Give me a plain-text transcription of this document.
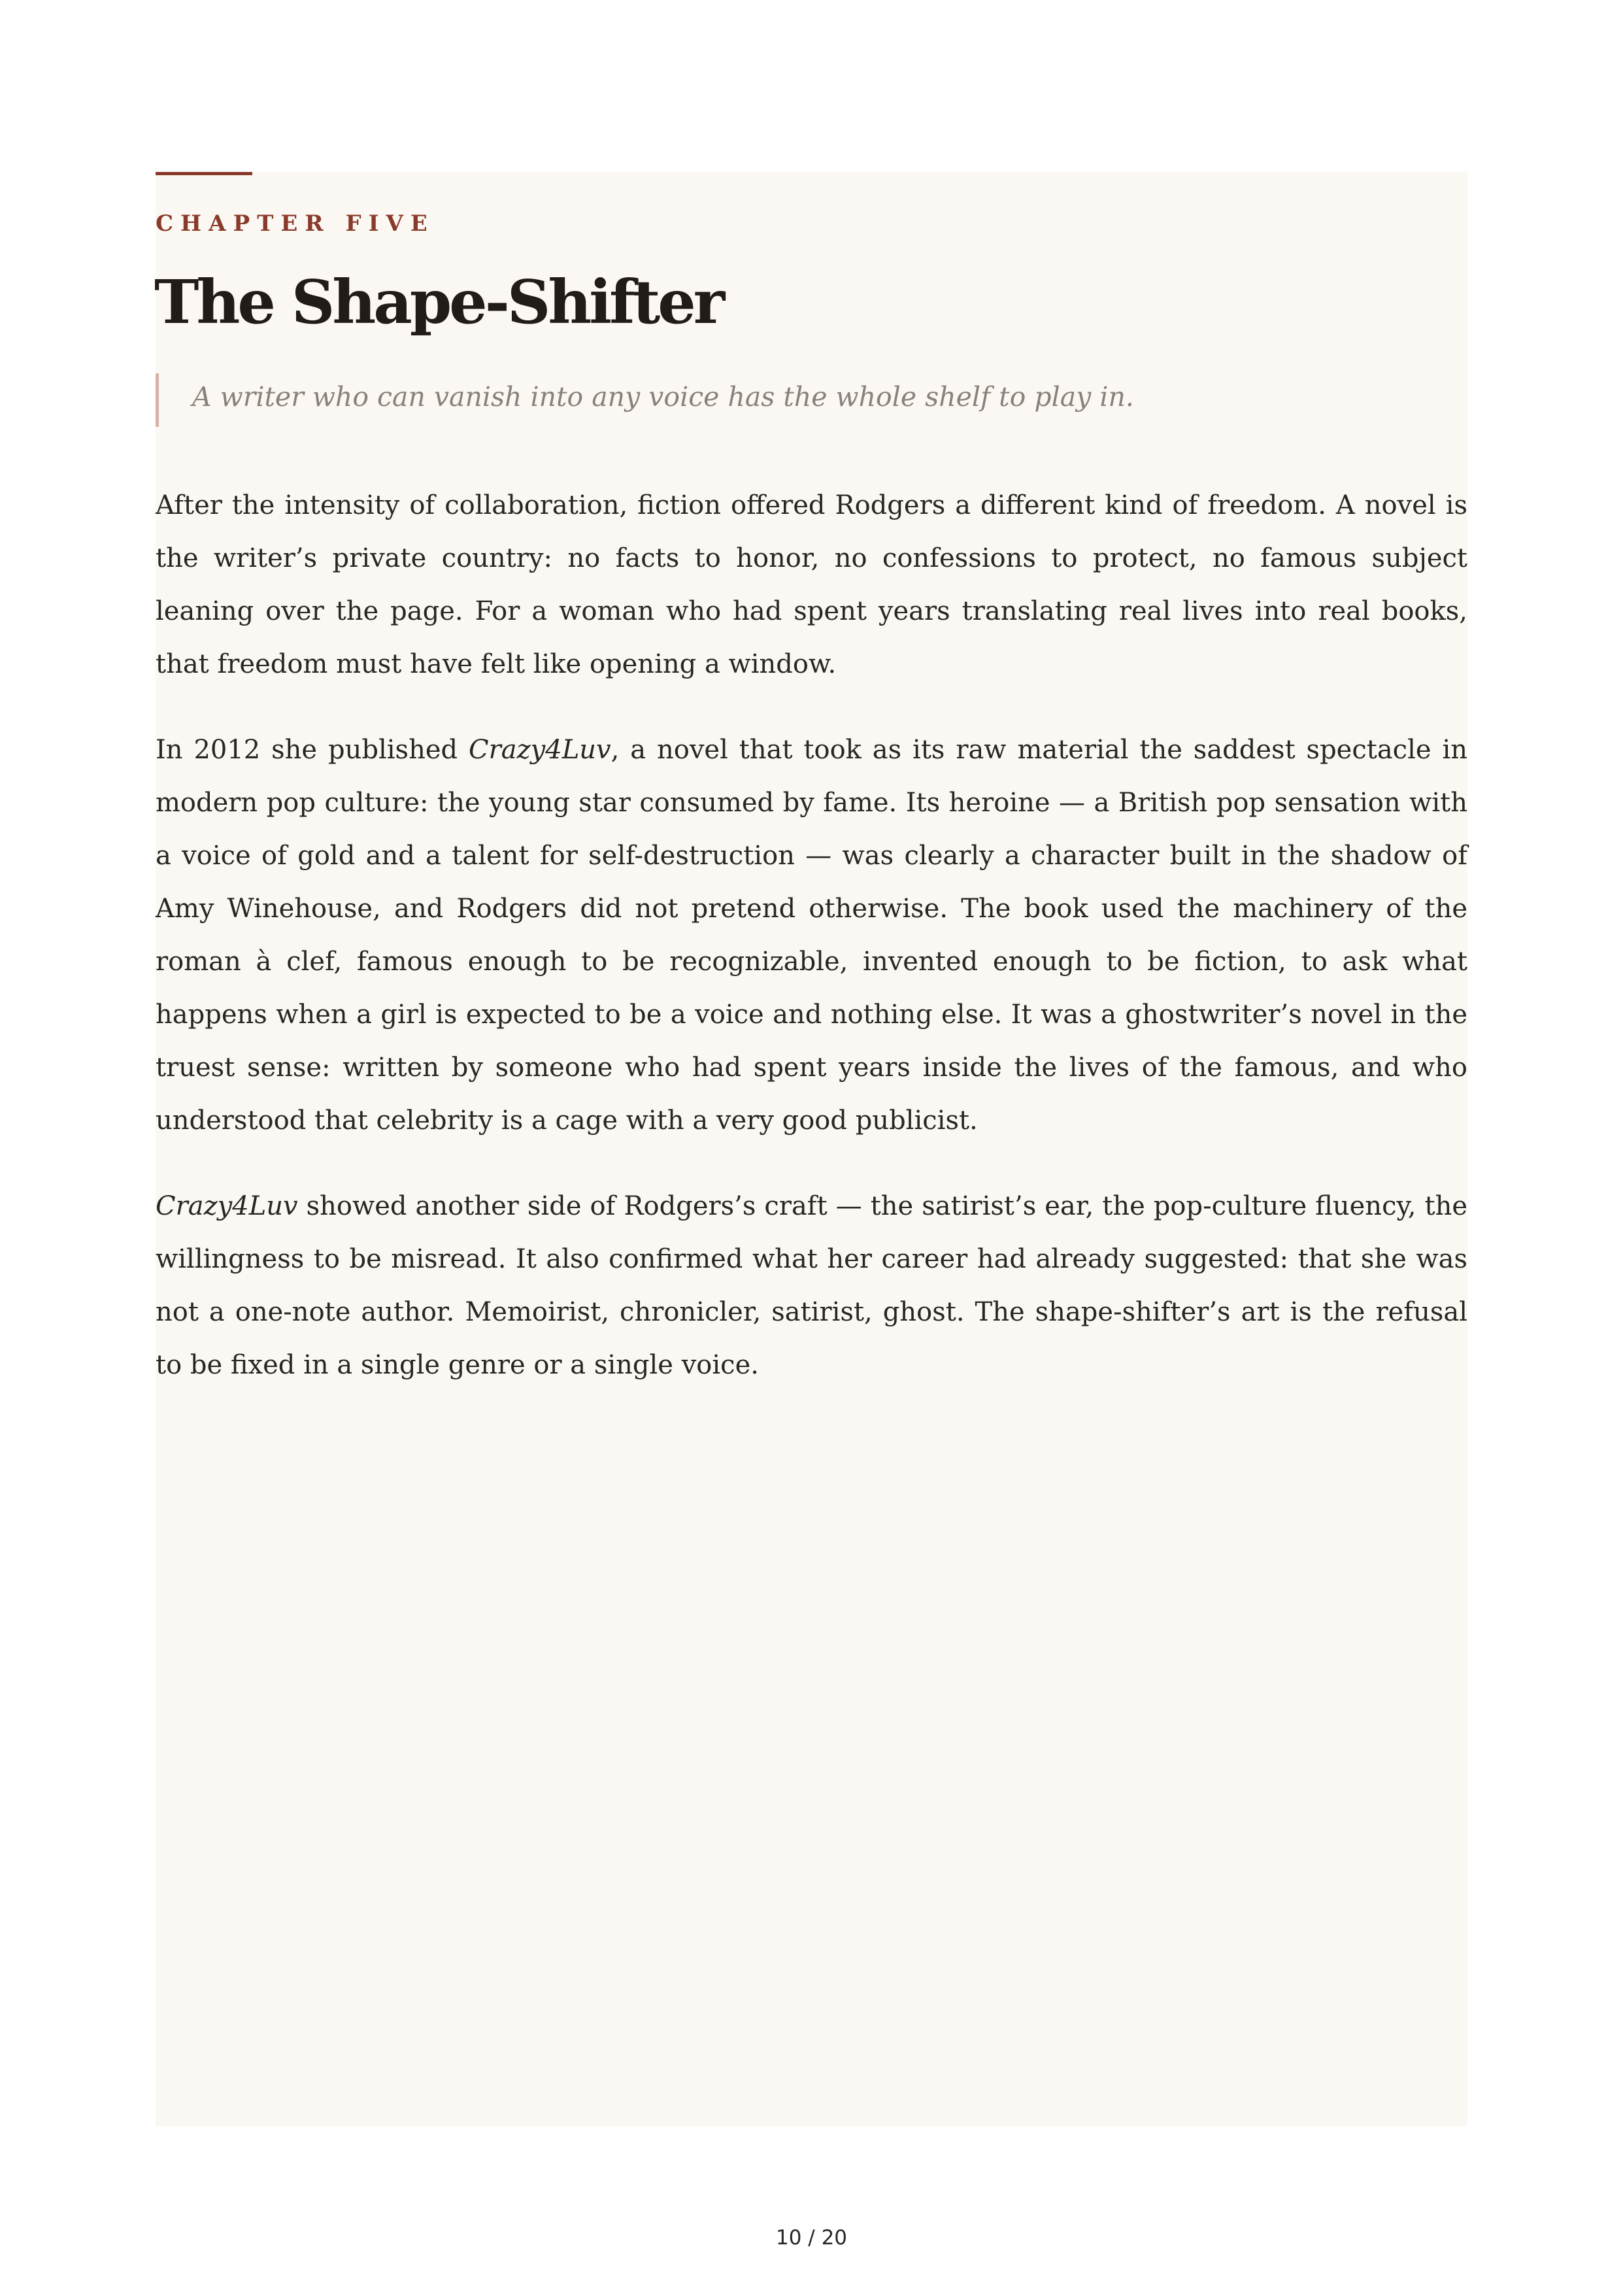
CHAPTER FIVE
The Shape-Shifter
A writer who can vanish into any voice has the whole shelf to play in.

After the intensity of collaboration, fiction offered Rodgers a different kind of freedom. A novel is the writer’s private country: no facts to honor, no confessions to protect, no famous subject leaning over the page. For a woman who had spent years translating real lives into real books, that freedom must have felt like opening a window.

In 2012 she published Crazy4Luv, a novel that took as its raw material the saddest spectacle in modern pop culture: the young star consumed by fame. Its heroine — a British pop sensation with a voice of gold and a talent for self-destruction — was clearly a character built in the shadow of Amy Winehouse, and Rodgers did not pretend otherwise. The book used the machinery of the roman à clef, famous enough to be recognizable, invented enough to be fiction, to ask what happens when a girl is expected to be a voice and nothing else. It was a ghostwriter’s novel in the truest sense: written by someone who had spent years inside the lives of the famous, and who understood that celebrity is a cage with a very good publicist.

Crazy4Luv showed another side of Rodgers’s craft — the satirist’s ear, the pop-culture fluency, the willingness to be misread. It also confirmed what her career had already suggested: that she was not a one-note author. Memoirist, chronicler, satirist, ghost. The shape-shifter’s art is the refusal to be fixed in a single genre or a single voice.

10 / 20
